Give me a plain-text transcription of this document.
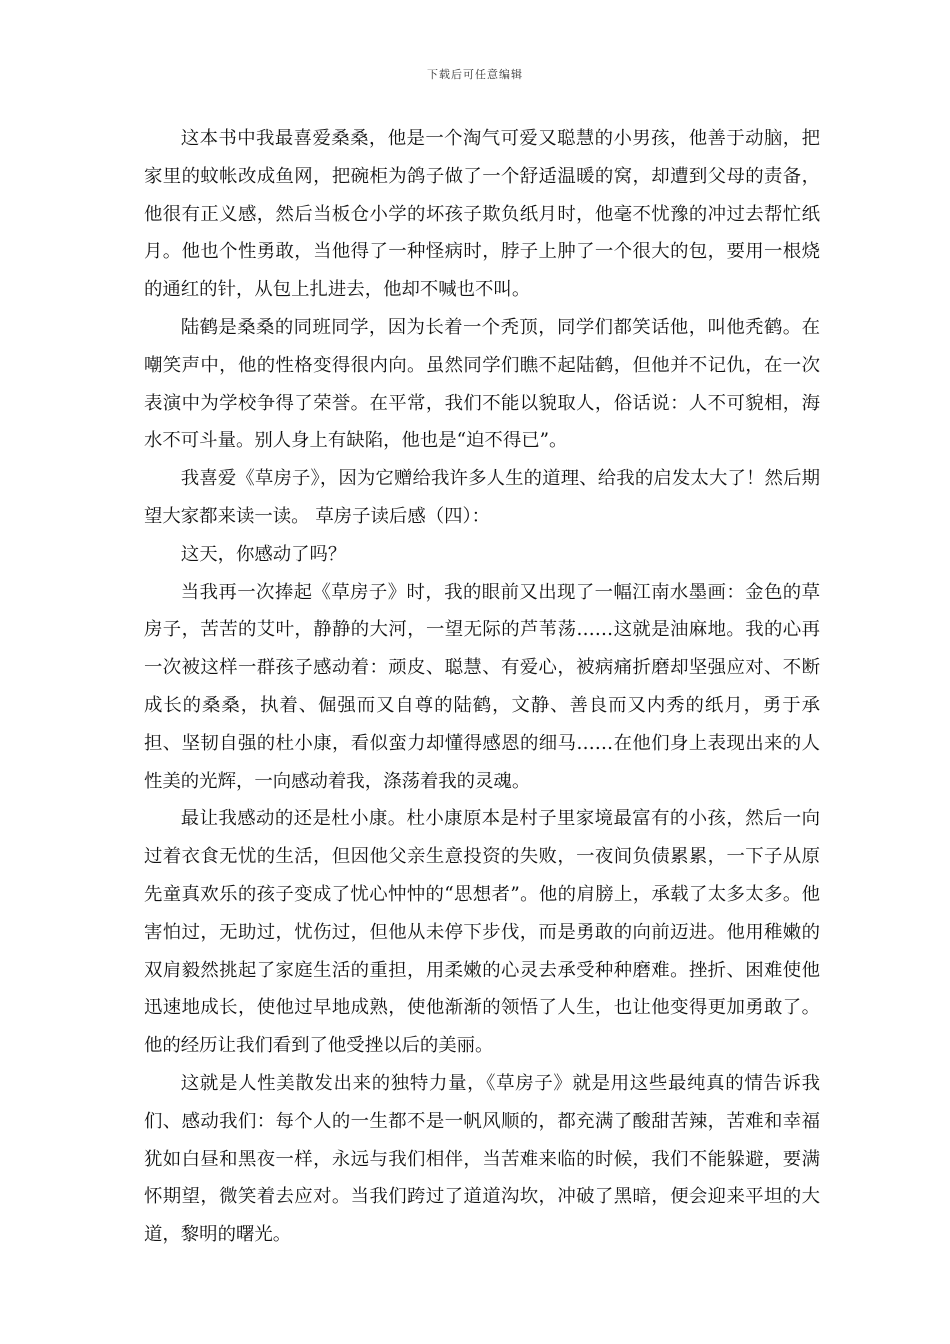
下载后可任意编辑

这本书中我最喜爱桑桑，他是一个淘气可爱又聪慧的小男孩，他善于动脑，把家里的蚊帐改成鱼网，把碗柜为鸽子做了一个舒适温暖的窝，却遭到父母的责备，他很有正义感，然后当板仓小学的坏孩子欺负纸月时，他毫不忧豫的冲过去帮忙纸月。他也个性勇敢，当他得了一种怪病时，脖子上肿了一个很大的包，要用一根烧的通红的针，从包上扎进去，他却不喊也不叫。

陆鹤是桑桑的同班同学，因为长着一个秃顶，同学们都笑话他，叫他秃鹤。在嘲笑声中，他的性格变得很内向。虽然同学们瞧不起陆鹤，但他并不记仇，在一次表演中为学校争得了荣誉。在平常，我们不能以貌取人，俗话说：人不可貌相，海水不可斗量。别人身上有缺陷，他也是“迫不得已”。

我喜爱《草房子》，因为它赠给我许多人生的道理、给我的启发太大了！然后期望大家都来读一读。 草房子读后感（四）：

这天，你感动了吗？

当我再一次捧起《草房子》时，我的眼前又出现了一幅江南水墨画：金色的草房子，苦苦的艾叶，静静的大河，一望无际的芦苇荡……这就是油麻地。我的心再一次被这样一群孩子感动着：顽皮、聪慧、有爱心，被病痛折磨却坚强应对、不断成长的桑桑，执着、倔强而又自尊的陆鹤，文静、善良而又内秀的纸月，勇于承担、坚韧自强的杜小康，看似蛮力却懂得感恩的细马……在他们身上表现出来的人性美的光辉，一向感动着我，涤荡着我的灵魂。

最让我感动的还是杜小康。杜小康原本是村子里家境最富有的小孩，然后一向过着衣食无忧的生活，但因他父亲生意投资的失败，一夜间负债累累，一下子从原先童真欢乐的孩子变成了忧心忡忡的“思想者”。他的肩膀上，承载了太多太多。他害怕过，无助过，忧伤过，但他从未停下步伐，而是勇敢的向前迈进。他用稚嫩的双肩毅然挑起了家庭生活的重担，用柔嫩的心灵去承受种种磨难。挫折、困难使他迅速地成长，使他过早地成熟，使他渐渐的领悟了人生，也让他变得更加勇敢了。他的经历让我们看到了他受挫以后的美丽。

这就是人性美散发出来的独特力量，《草房子》就是用这些最纯真的情告诉我们、感动我们：每个人的一生都不是一帆风顺的，都充满了酸甜苦辣，苦难和幸福犹如白昼和黑夜一样，永远与我们相伴，当苦难来临的时候，我们不能躲避，要满怀期望，微笑着去应对。当我们跨过了道道沟坎，冲破了黑暗，便会迎来平坦的大道，黎明的曙光。
